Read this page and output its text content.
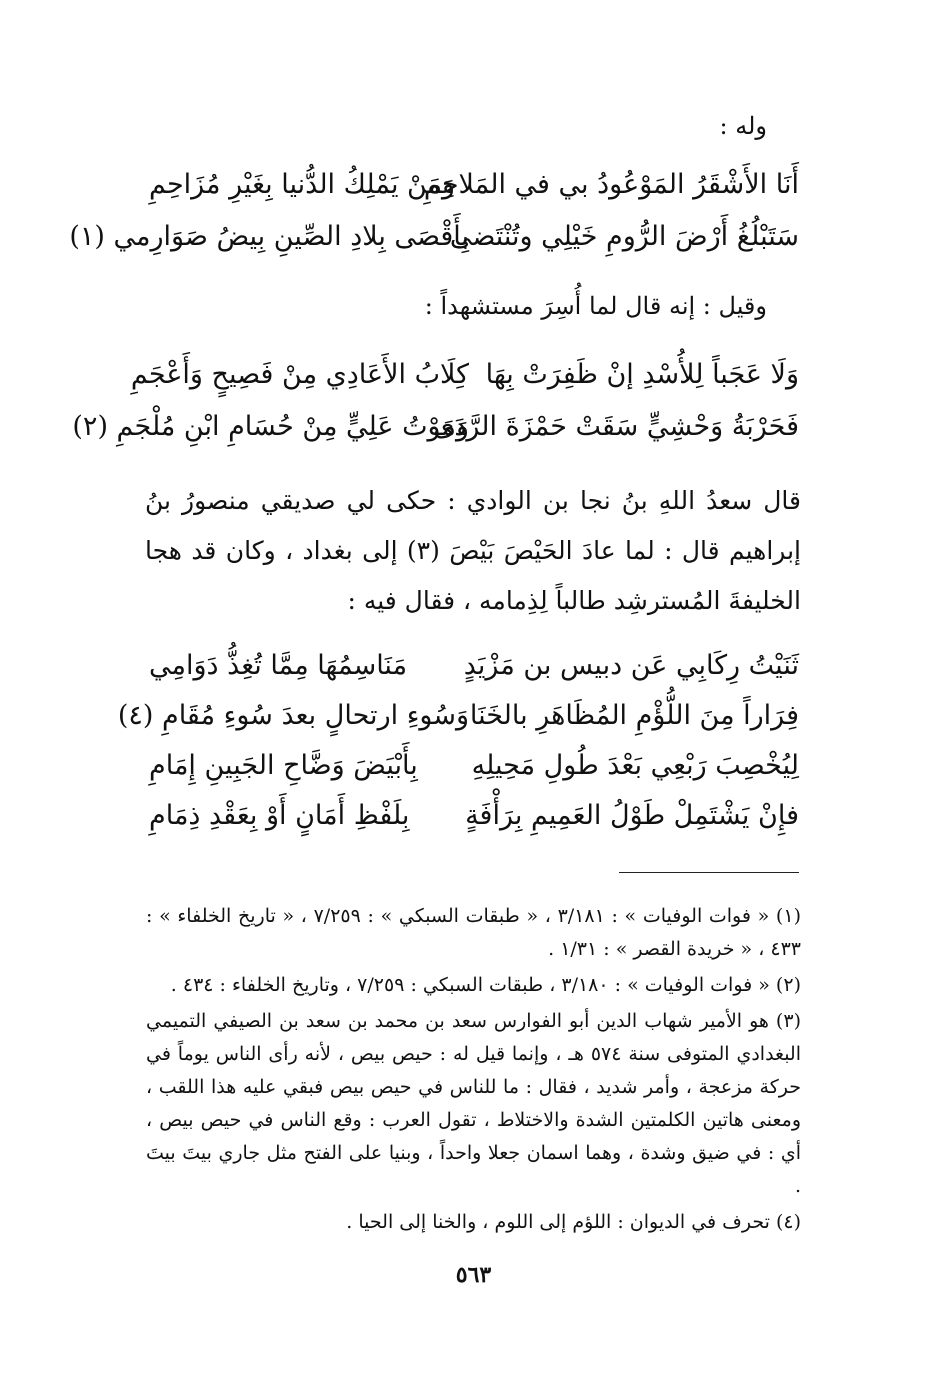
وله :
أَنَا الأَشْقَرُ المَوْعُودُ بي في المَلاحِمِ
وَمَنْ يَمْلِكُ الدُّنيا بِغَيْرِ مُزَاحِمِ
سَتَبْلُغُ أَرْضَ الرُّومِ خَيْلِي وتُنْتَضى
بِأَقْصَى بِلادِ الصِّينِ بِيضُ صَوَارِمي (١)
وقيل : إنه قال لما أُسِرَ مستشهداً :
وَلَا عَجَباً لِلأُسْدِ إنْ ظَفِرَتْ بِهَا
كِلَابُ الأَعَادِي مِنْ فَصِيحٍ وَأَعْجَمِ
فَحَرْبَةُ وَحْشِيٍّ سَقَتْ حَمْزَةَ الرَّدَى
وَمَوْتُ عَلِيٍّ مِنْ حُسَامِ ابْنِ مُلْجَمِ (٢)
قال سعدُ اللهِ بنُ نجا بن الوادي : حكى لي صديقي منصورُ بنُ إبراهيم قال : لما عادَ الحَيْصَ بَيْصَ (٣) إلى بغداد ، وكان قد هجا الخليفةَ المُسترشِد طالباً لِذِمامه ، فقال فيه :
ثَنَيْتُ رِكَابِي عَن دبيس بن مَزْيَدٍ
مَنَاسِمُهَا مِمَّا تُغِذُّ دَوَامِي
فِرَاراً مِنَ اللُّؤْمِ المُظَاهَرِ بالخَنَا
وَسُوءِ ارتحالٍ بعدَ سُوءِ مُقَامِ (٤)
لِيُخْصِبَ رَبْعِي بَعْدَ طُولِ مَحِيلِهِ
بِأَبْيَضَ وَضَّاحِ الجَبِينِ إِمَامِ
فإِنْ يَشْتَمِلْ طَوْلُ العَمِيمِ بِرَأْفَةٍ
بِلَفْظِ أَمَانٍ أَوْ بِعَقْدِ ذِمَامِ

(١) « فوات الوفيات » : ٣/١٨١ ، « طبقات السبكي » : ٧/٢٥٩ ، « تاريخ الخلفاء » : ٤٣٣ ، « خريدة القصر » : ١/٣١ .

(٢) « فوات الوفيات » : ٣/١٨٠ ، طبقات السبكي : ٧/٢٥٩ ، وتاريخ الخلفاء : ٤٣٤ .

(٣) هو الأمير شهاب الدين أبو الفوارس سعد بن محمد بن سعد بن الصيفي التميمي البغدادي المتوفى سنة ٥٧٤ هـ ، وإنما قيل له : حيص بيص ، لأنه رأى الناس يوماً في حركة مزعجة ، وأمر شديد ، فقال : ما للناس في حيص بيص فبقي عليه هذا اللقب ، ومعنى هاتين الكلمتين الشدة والاختلاط ، تقول العرب : وقع الناس في حيص بيص ، أي : في ضيق وشدة ، وهما اسمان جعلا واحداً ، وبنيا على الفتح مثل جاري بيتَ بيتَ .

(٤) تحرف في الديوان : اللؤم إلى اللوم ، والخنا إلى الحيا .

٥٦٣
